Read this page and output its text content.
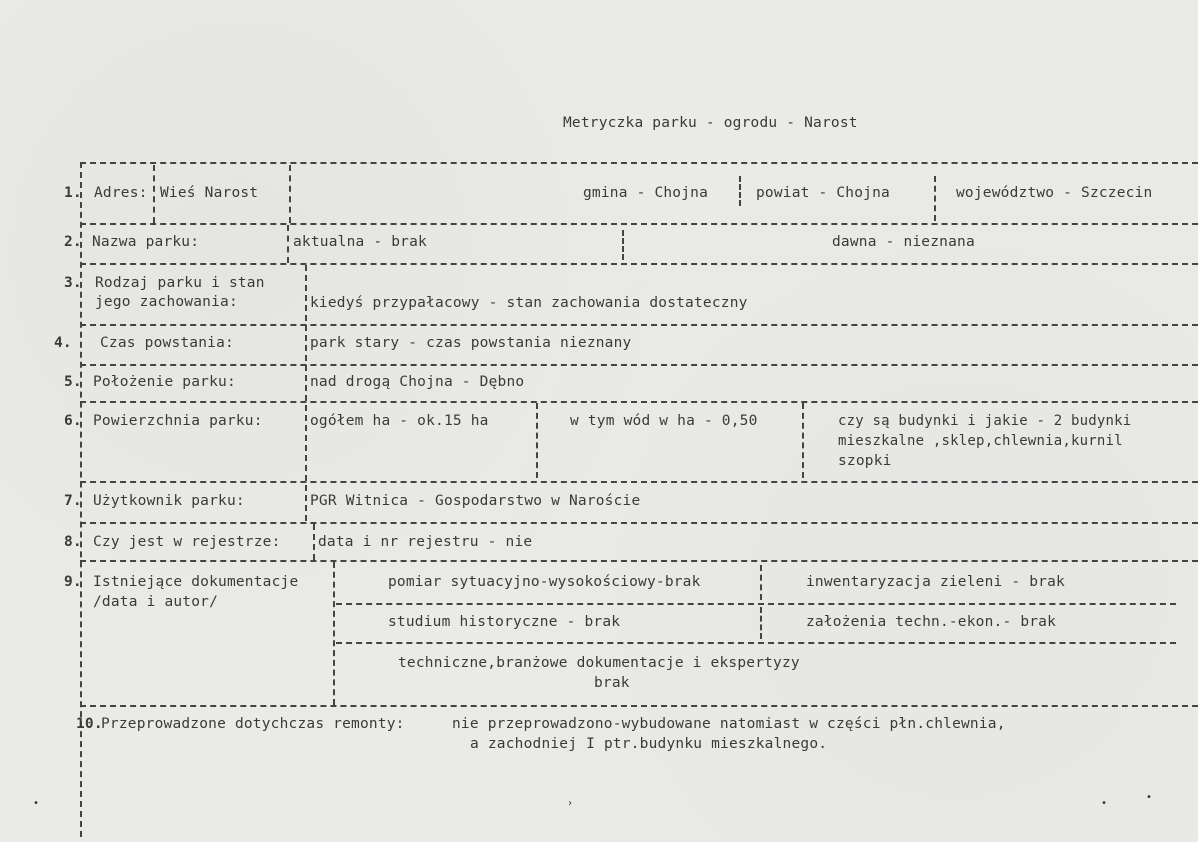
Metryczka parku - ogrodu - Narost
1. Adres: Wieś Narost	gmina - Chojna	powiat - Chojna	województwo - Szczecin
2. Nazwa parku:	aktualna - brak	dawna - nieznana
3. Rodzaj parku i stan
jego zachowania:	kiedyś przypałacowy - stan zachowania dostateczny
4. Czas powstania:	park stary - czas powstania nieznany
5. Położenie parku:	nad drogą Chojna - Dębno
6. Powierzchnia parku:	ogółem ha - ok.15 ha	w tym wód w ha - 0,50	czy są budynki i jakie - 2 budynki
mieszkalne ,sklep,chlewnia,kurnil
szopki
7. Użytkownik parku:	PGR Witnica - Gospodarstwo w Naroście
8. Czy jest w rejestrze:	data i nr rejestru - nie
9. Istniejące dokumentacje
/data i autor/
pomiar sytuacyjno-wysokościowy-brak	inwentaryzacja zieleni - brak
studium historyczne - brak	założenia techn.-ekon.- brak
techniczne,branżowe dokumentacje i ekspertyzy
brak
10.
Przeprowadzone dotychczas remonty:	nie przeprowadzono-wybudowane natomiast w części płn.chlewnia,
a zachodniej I ptr.budynku mieszkalnego.
•	›	•
•
